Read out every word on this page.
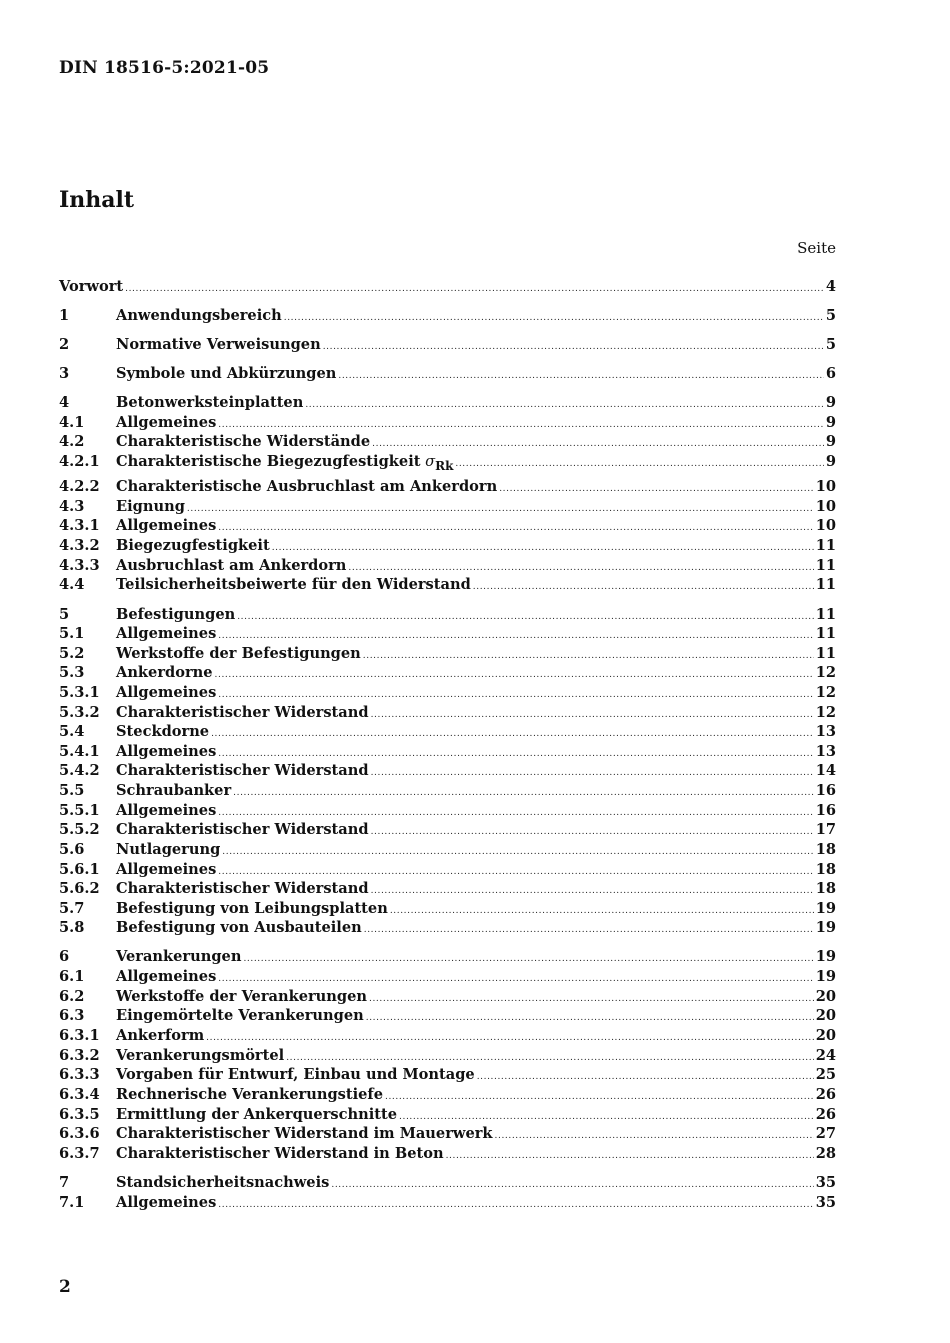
DIN 18516-5:2021-05
Inhalt
Seite
Vorwort .....	4
1	Anwendungsbereich .....	5
2	Normative Verweisungen .....	5
3	Symbole und Abkürzungen .....	6
4	Betonwerksteinplatten .....	9
4.1	Allgemeines .....	9
4.2	Charakteristische Widerstände .....	9
4.2.1	Charakteristische Biegezugfestigkeit $\sigma_{Rk}$ .....	9
4.2.2	Charakteristische Ausbruchlast am Ankerdorn .....	10
4.3	Eignung .....	10
4.3.1	Allgemeines .....	10
4.3.2	Biegezugfestigkeit .....	11
4.3.3	Ausbruchlast am Ankerdorn .....	11
4.4	Teilsicherheitsbeiwerte für den Widerstand .....	11
5	Befestigungen .....	11
5.1	Allgemeines .....	11
5.2	Werkstoffe der Befestigungen .....	11
5.3	Ankerdorne .....	12
5.3.1	Allgemeines .....	12
5.3.2	Charakteristischer Widerstand .....	12
5.4	Steckdorne .....	13
5.4.1	Allgemeines .....	13
5.4.2	Charakteristischer Widerstand .....	14
5.5	Schraubanker .....	16
5.5.1	Allgemeines .....	16
5.5.2	Charakteristischer Widerstand .....	17
5.6	Nutlagerung .....	18
5.6.1	Allgemeines .....	18
5.6.2	Charakteristischer Widerstand .....	18
5.7	Befestigung von Leibungsplatten .....	19
5.8	Befestigung von Ausbauteilen .....	19
6	Verankerungen .....	19
6.1	Allgemeines .....	19
6.2	Werkstoffe der Verankerungen .....	20
6.3	Eingemörtelte Verankerungen .....	20
6.3.1	Ankerform .....	20
6.3.2	Verankerungsmörtel .....	24
6.3.3	Vorgaben für Entwurf, Einbau und Montage .....	25
6.3.4	Rechnerische Verankerungstiefe .....	26
6.3.5	Ermittlung der Ankerquerschnitte .....	26
6.3.6	Charakteristischer Widerstand im Mauerwerk .....	27
6.3.7	Charakteristischer Widerstand in Beton .....	28
7	Standsicherheitsnachweis .....	35
7.1	Allgemeines .....	35
2
